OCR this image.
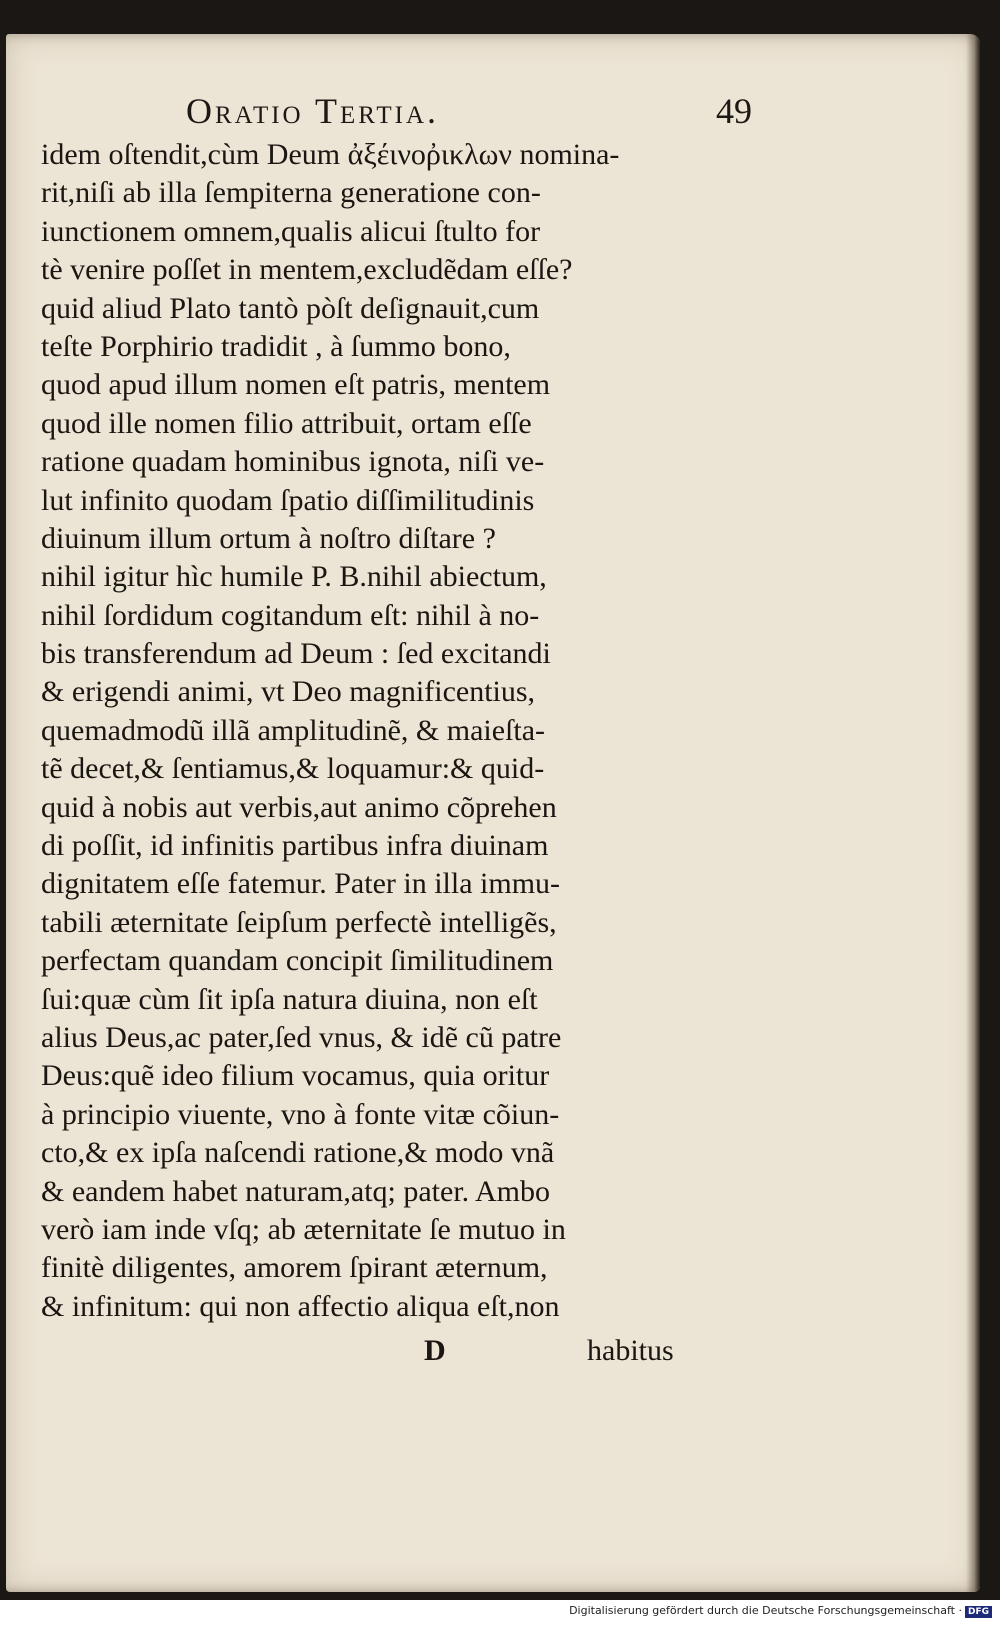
Oratio Tertia.	49
idem oſtendit,cùm Deum ἀξέινοῤικλων nomina-
rit,niſi ab illa ſempiterna generatione con-
iunctionem omnem,qualis alicui ſtulto for
tè venire poſſet in mentem,excludẽdam eſſe?
quid aliud Plato tantò pòſt deſignauit,cum
teſte Porphirio tradidit , à ſummo bono,
quod apud illum nomen eſt patris, mentem
quod ille nomen filio attribuit, ortam eſſe
ratione quadam hominibus ignota, niſi ve-
lut infinito quodam ſpatio diſſimilitudinis
diuinum illum ortum à noſtro diſtare ?
nihil igitur hìc humile P. B.nihil abiectum,
nihil ſordidum cogitandum eſt: nihil à no-
bis transferendum ad Deum : ſed excitandi
& erigendi animi, vt Deo magnificentius,
quemadmodũ illã amplitudinẽ, & maieſta-
tẽ decet,& ſentiamus,& loquamur:& quid-
quid à nobis aut verbis,aut animo cõprehen
di poſſit, id infinitis partibus infra diuinam
dignitatem eſſe fatemur. Pater in illa immu-
tabili æternitate ſeipſum perfectè intelligẽs,
perfectam quandam concipit ſimilitudinem
ſui:quæ cùm ſit ipſa natura diuina, non eſt
alius Deus,ac pater,ſed vnus, & idẽ cũ patre
Deus:quẽ ideo filium vocamus, quia oritur
à principio viuente, vno à fonte vitæ cõiun-
cto,& ex ipſa naſcendi ratione,& modo vnã
& eandem habet naturam,atq; pater. Ambo
verò iam inde vſq; ab æternitate ſe mutuo in
finitè diligentes, amorem ſpirant æternum,
& infinitum: qui non affectio aliqua eſt,non
D	habitus
Digitalisierung gefördert durch die Deutsche Forschungsgemeinschaft · DFG
